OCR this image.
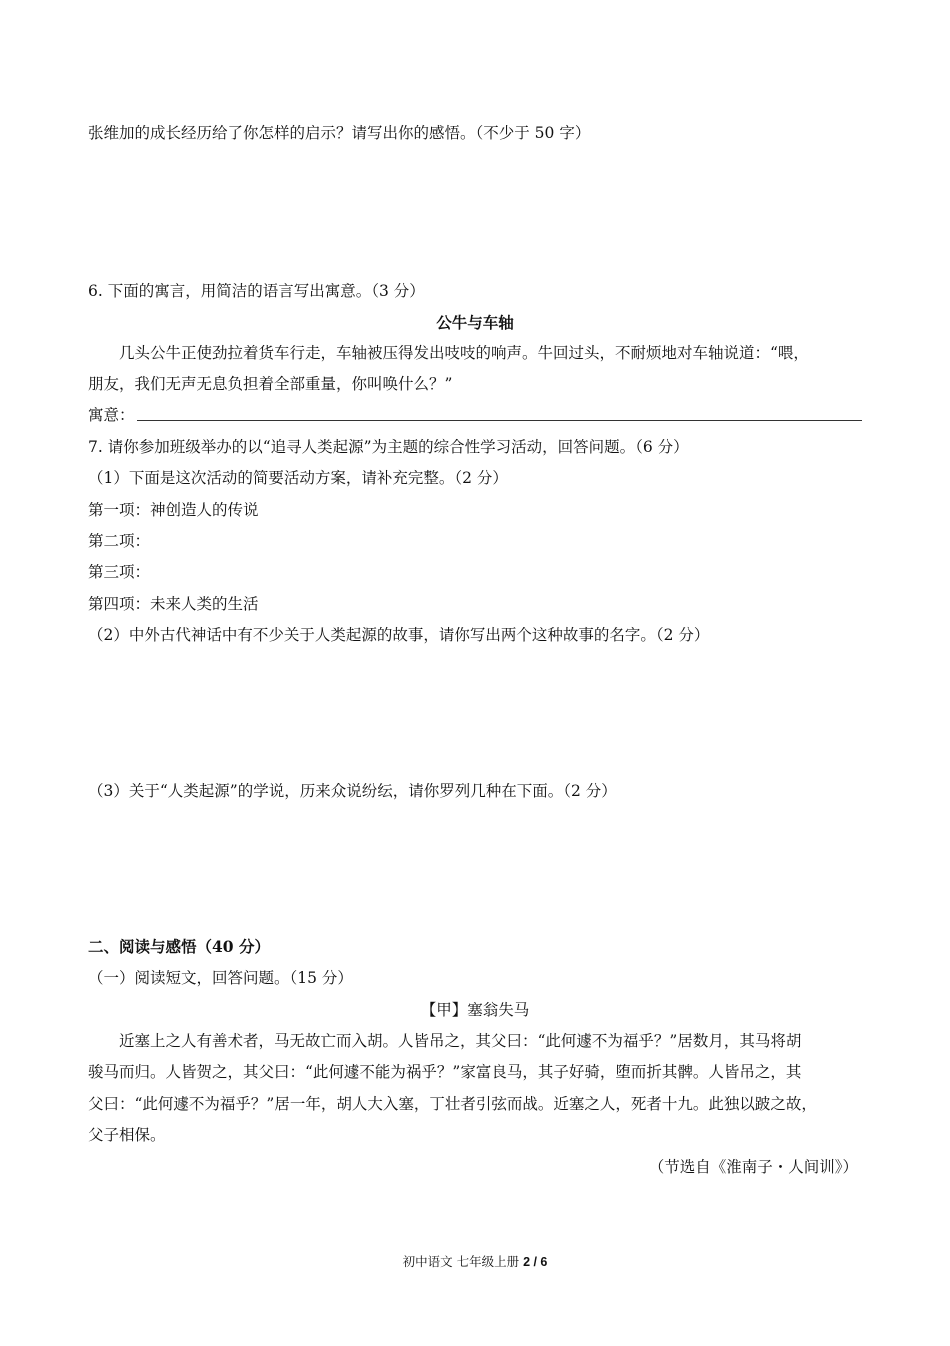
张维加的成长经历给了你怎样的启示？请写出你的感悟。（不少于 50 字）
6. 下面的寓言，用简洁的语言写出寓意。（3 分）
公牛与车轴
几头公牛正使劲拉着货车行走，车轴被压得发出吱吱的响声。牛回过头，不耐烦地对车轴说道：“喂，
朋友，我们无声无息负担着全部重量，你叫唤什么？”
寓意：
7. 请你参加班级举办的以“追寻人类起源”为主题的综合性学习活动，回答问题。（6 分）
（1）下面是这次活动的简要活动方案，请补充完整。（2 分）
第一项：神创造人的传说
第二项：
第三项：
第四项：未来人类的生活
（2）中外古代神话中有不少关于人类起源的故事，请你写出两个这种故事的名字。（2 分）
（3）关于“人类起源”的学说，历来众说纷纭，请你罗列几种在下面。（2 分）
二、阅读与感悟（40 分）
（一）阅读短文，回答问题。（15 分）
【甲】塞翁失马
近塞上之人有善术者，马无故亡而入胡。人皆吊之，其父曰：“此何遽不为福乎？”居数月，其马将胡
骏马而归。人皆贺之，其父曰：“此何遽不能为祸乎？”家富良马，其子好骑，堕而折其髀。人皆吊之，其
父曰：“此何遽不为福乎？”居一年，胡人大入塞，丁壮者引弦而战。近塞之人，死者十九。此独以跛之故，
父子相保。
（节选自《淮南子・人间训》）
初中语文 七年级上册 2 / 6
